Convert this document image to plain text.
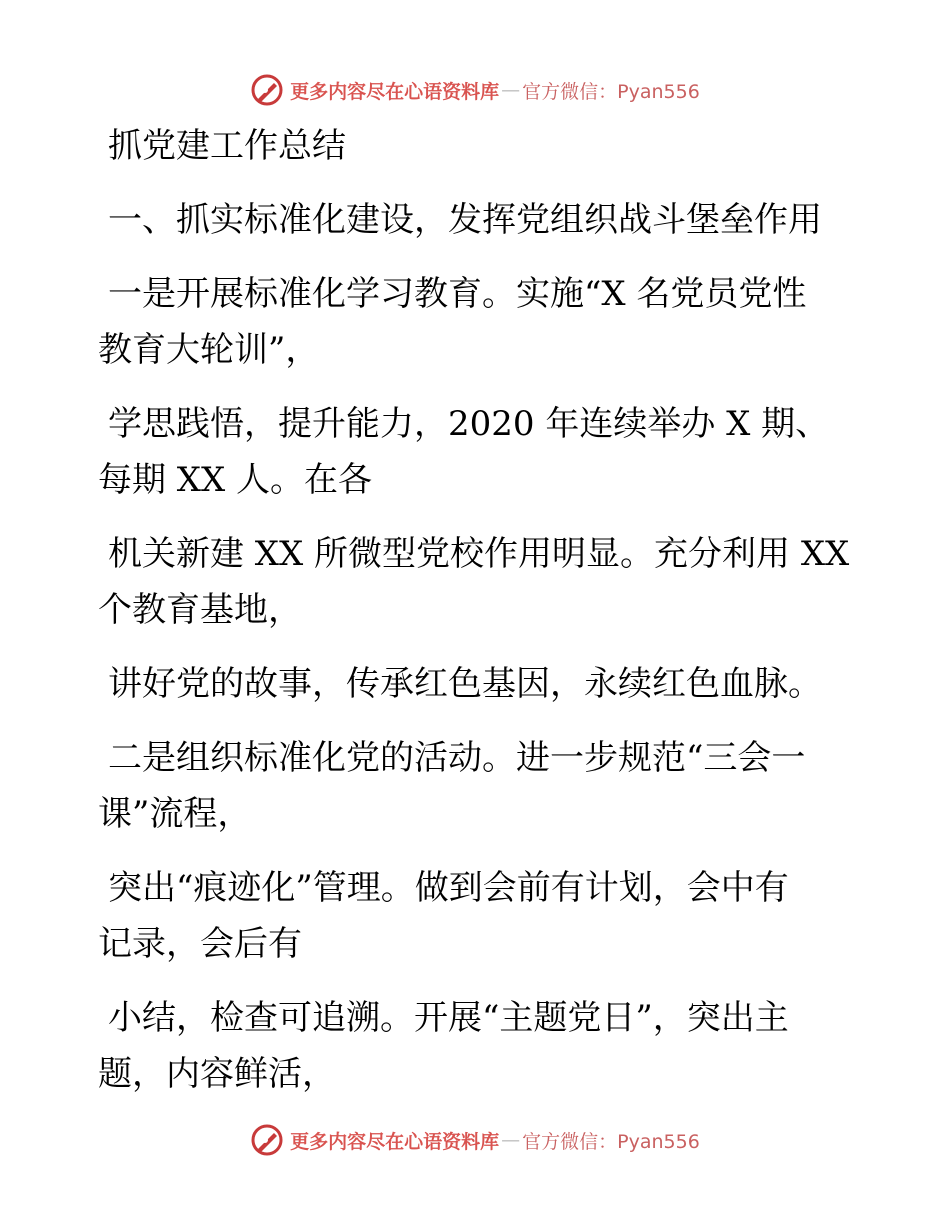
更多内容尽在心语资料库 — 官方微信：Pyan556
抓党建工作总结
一、抓实标准化建设，发挥党组织战斗堡垒作用
一是开展标准化学习教育。实施“X 名党员党性
教育大轮训”，
学思践悟，提升能力，2020 年连续举办 X 期、
每期 XX 人。在各
机关新建 XX 所微型党校作用明显。充分利用 XX
个教育基地，
讲好党的故事，传承红色基因，永续红色血脉。
二是组织标准化党的活动。进一步规范“三会一
课”流程，
突出“痕迹化”管理。做到会前有计划，会中有
记录，会后有
小结，检查可追溯。开展“主题党日”，突出主
题，内容鲜活，
更多内容尽在心语资料库 — 官方微信：Pyan556
